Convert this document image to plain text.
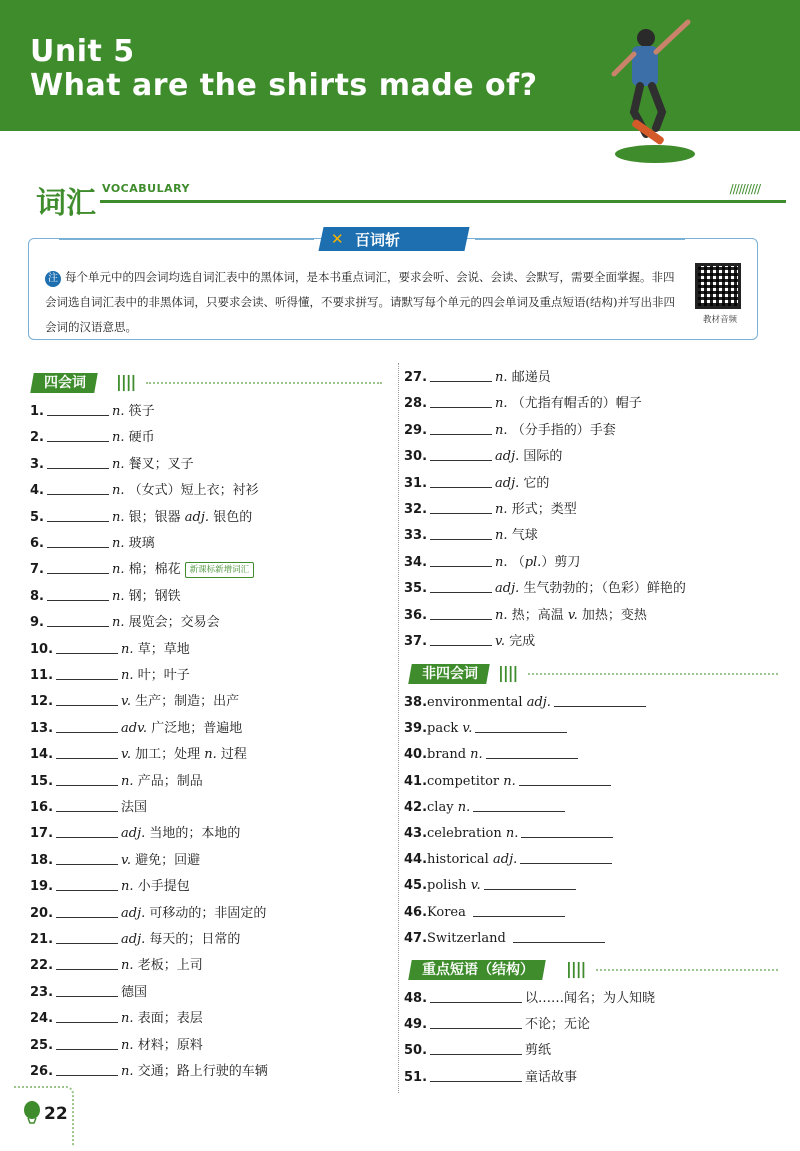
Unit 5
What are the shirts made of?
词汇 VOCABULARY	//////////
✕ 百词斩
注 每个单元中的四会词均选自词汇表中的黑体词，是本书重点词汇，要求会听、会说、会读、会默写，需要全面掌握。非四会词选自词汇表中的非黑体词，只要求会读、听得懂，不要求拼写。请默写每个单元的四会单词及重点短语(结构)并写出非四会词的汉语意思。	教材音频
四会词	||||
非四会词	||||
重点短语（结构）	||||
22
1.	n. 筷子
2.	n. 硬币
3.	n. 餐叉；叉子
4.	n. （女式）短上衣；衬衫
5.	n. 银；银器 adj. 银色的
6.	n. 玻璃
7.	n. 棉；棉花 新课标新增词汇
8.	n. 钢；钢铁
9.	n. 展览会；交易会
10.	n. 草；草地
11.	n. 叶；叶子
12.	v. 生产；制造；出产
13.	adv. 广泛地；普遍地
14.	v. 加工；处理 n. 过程
15.	n. 产品；制品
16.	法国
17.	adj. 当地的；本地的
18.	v. 避免；回避
19.	n. 小手提包
20.	adj. 可移动的；非固定的
21.	adj. 每天的；日常的
22.	n. 老板；上司
23.	德国
24.	n. 表面；表层
25.	n. 材料；原料
26.	n. 交通；路上行驶的车辆
27.	n. 邮递员
28.	n. （尤指有帽舌的）帽子
29.	n. （分手指的）手套
30.	adj. 国际的
31.	adj. 它的
32.	n. 形式；类型
33.	n. 气球
34.	n. （pl.）剪刀
35.	adj. 生气勃勃的；（色彩）鲜艳的
36.	n. 热；高温 v. 加热；变热
37.	v. 完成
38.environmental adj.
39.pack v.
40.brand n.
41.competitor n.
42.clay n.
43.celebration n.
44.historical adj.
45.polish v.
46.Korea
47.Switzerland
48.	以……闻名；为人知晓
49.	不论；无论
50.	剪纸
51.	童话故事
